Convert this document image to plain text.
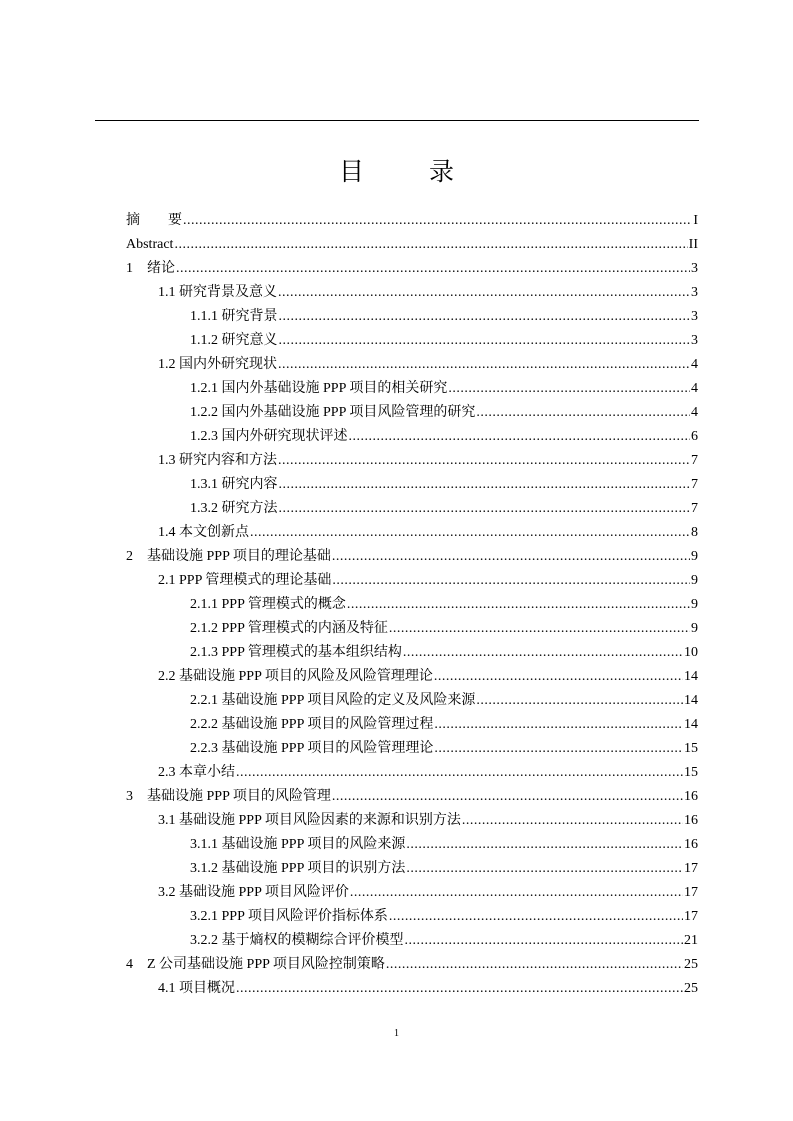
目　录
摘　　要 .....	I
Abstract .....	II
1　绪论 .....	3
1.1 研究背景及意义 .....	3
1.1.1 研究背景 .....	3
1.1.2 研究意义 .....	3
1.2 国内外研究现状 .....	4
1.2.1 国内外基础设施 PPP 项目的相关研究 .....	4
1.2.2 国内外基础设施 PPP 项目风险管理的研究 .....	4
1.2.3 国内外研究现状评述 .....	6
1.3 研究内容和方法 .....	7
1.3.1 研究内容 .....	7
1.3.2 研究方法 .....	7
1.4 本文创新点 .....	8
2　基础设施 PPP 项目的理论基础 .....	9
2.1 PPP 管理模式的理论基础 .....	9
2.1.1 PPP 管理模式的概念 .....	9
2.1.2 PPP 管理模式的内涵及特征 .....	9
2.1.3 PPP 管理模式的基本组织结构 .....	10
2.2 基础设施 PPP 项目的风险及风险管理理论 .....	14
2.2.1 基础设施 PPP 项目风险的定义及风险来源 .....	14
2.2.2 基础设施 PPP 项目的风险管理过程 .....	14
2.2.3 基础设施 PPP 项目的风险管理理论 .....	15
2.3 本章小结 .....	15
3　基础设施 PPP 项目的风险管理 .....	16
3.1 基础设施 PPP 项目风险因素的来源和识别方法 .....	16
3.1.1 基础设施 PPP 项目的风险来源 .....	16
3.1.2 基础设施 PPP 项目的识别方法 .....	17
3.2 基础设施 PPP 项目风险评价 .....	17
3.2.1 PPP 项目风险评价指标体系 .....	17
3.2.2 基于熵权的模糊综合评价模型 .....	21
4　Z 公司基础设施 PPP 项目风险控制策略 .....	25
4.1 项目概况 .....	25
1
